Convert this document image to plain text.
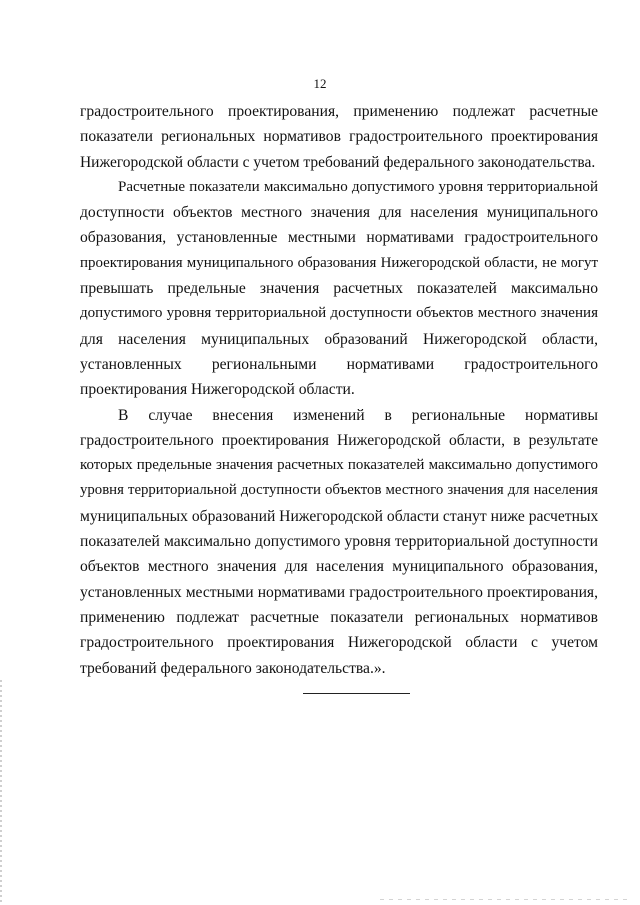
12
градостроительного проектирования, применению подлежат расчетные
показатели региональных нормативов градостроительного проектирования
Нижегородской области с учетом требований федерального законодательства.
Расчетные показатели максимально допустимого уровня территориальной
доступности объектов местного значения для населения муниципального
образования, установленные местными нормативами градостроительного
проектирования муниципального образования Нижегородской области, не могут
превышать предельные значения расчетных показателей максимально
допустимого уровня территориальной доступности объектов местного значения
для населения муниципальных образований Нижегородской области,
установленных региональными нормативами градостроительного
проектирования Нижегородской области.
В случае внесения изменений в региональные нормативы
градостроительного проектирования Нижегородской области, в результате
которых предельные значения расчетных показателей максимально допустимого
уровня территориальной доступности объектов местного значения для населения
муниципальных образований Нижегородской области станут ниже расчетных
показателей максимально допустимого уровня территориальной доступности
объектов местного значения для населения муниципального образования,
установленных местными нормативами градостроительного проектирования,
применению подлежат расчетные показатели региональных нормативов
градостроительного проектирования Нижегородской области с учетом
требований федерального законодательства.».
